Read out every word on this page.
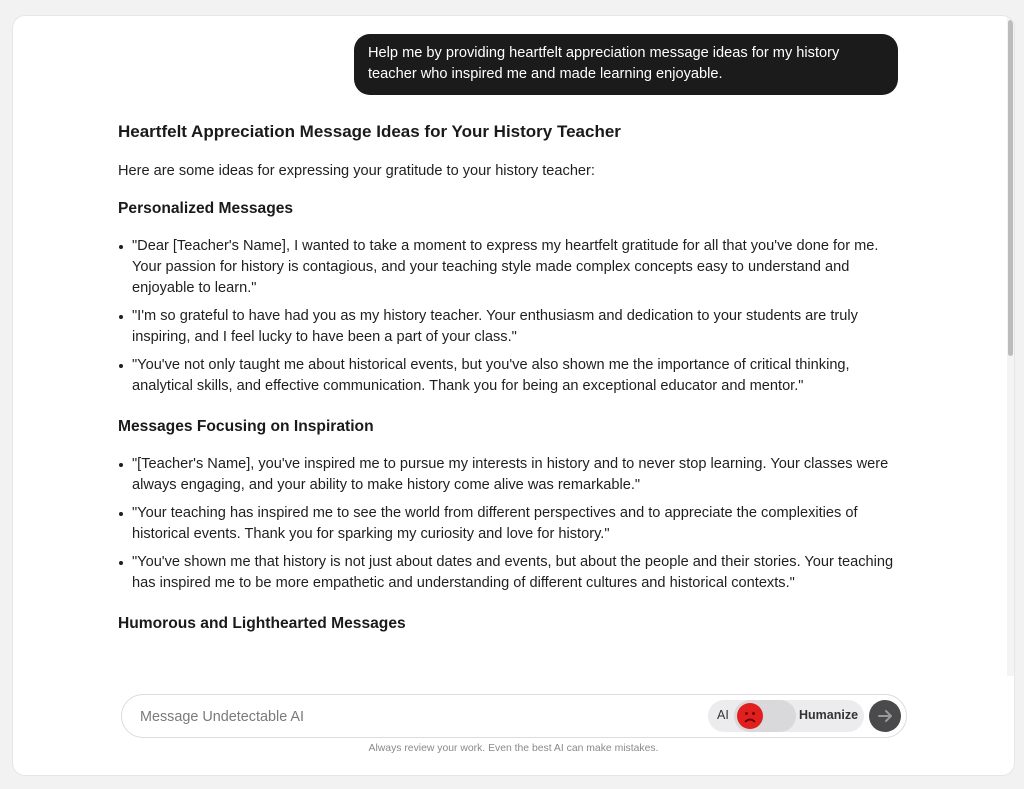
Help me by providing heartfelt appreciation message ideas for my history teacher who inspired me and made learning enjoyable.
Heartfelt Appreciation Message Ideas for Your History Teacher

Here are some ideas for expressing your gratitude to your history teacher:

Personalized Messages
"Dear [Teacher's Name], I wanted to take a moment to express my heartfelt gratitude for all that you've done for me. Your passion for history is contagious, and your teaching style made complex concepts easy to understand and enjoyable to learn."
"I'm so grateful to have had you as my history teacher. Your enthusiasm and dedication to your students are truly inspiring, and I feel lucky to have been a part of your class."
"You've not only taught me about historical events, but you've also shown me the importance of critical thinking, analytical skills, and effective communication. Thank you for being an exceptional educator and mentor."
Messages Focusing on Inspiration
"[Teacher's Name], you've inspired me to pursue my interests in history and to never stop learning. Your classes were always engaging, and your ability to make history come alive was remarkable."
"Your teaching has inspired me to see the world from different perspectives and to appreciate the complexities of historical events. Thank you for sparking my curiosity and love for history."
"You've shown me that history is not just about dates and events, but about the people and their stories. Your teaching has inspired me to be more empathetic and understanding of different cultures and historical contexts."
Humorous and Lighthearted Messages
Message Undetectable AI
AI	Humanize
Always review your work. Even the best AI can make mistakes.
